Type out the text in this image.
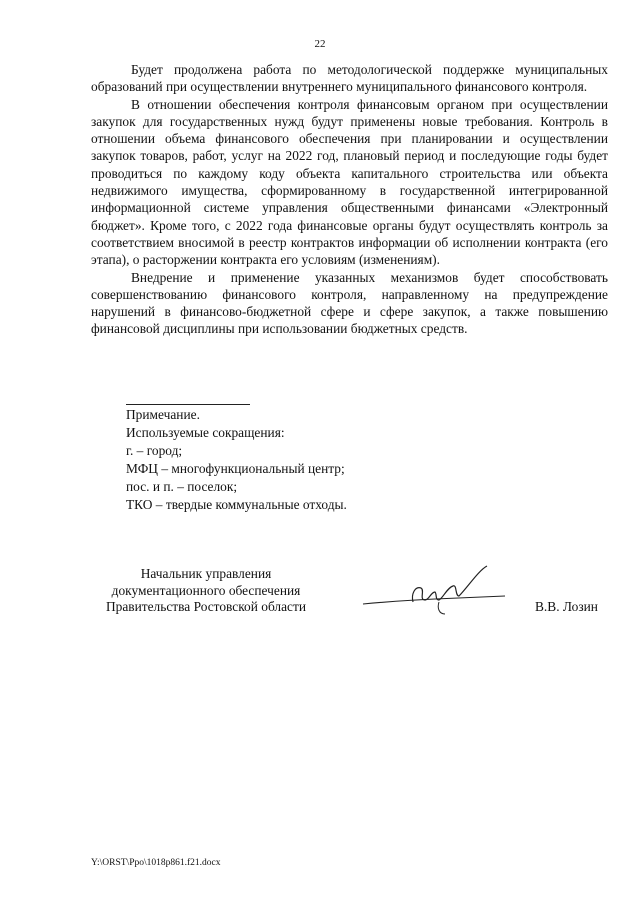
22

Будет продолжена работа по методологической поддержке муниципальных образований при осуществлении внутреннего муниципального финансового контроля.

В отношении обеспечения контроля финансовым органом при осуществлении закупок для государственных нужд будут применены новые требования. Контроль в отношении объема финансового обеспечения при планировании и осуществлении закупок товаров, работ, услуг на 2022 год, плановый период и последующие годы будет проводиться по каждому коду объекта капитального строительства или объекта недвижимого имущества, сформированному в государственной интегрированной информационной системе управления общественными финансами «Электронный бюджет». Кроме того, с 2022 года финансовые органы будут осуществлять контроль за соответствием вносимой в реестр контрактов информации об исполнении контракта (его этапа), о расторжении контракта его условиям (изменениям).

Внедрение и применение указанных механизмов будет способствовать совершенствованию финансового контроля, направленному на предупреждение нарушений в финансово-бюджетной сфере и сфере закупок, а также повышению финансовой дисциплины при использовании бюджетных средств.

Примечание.
Используемые сокращения:
г. – город;
МФЦ – многофункциональный центр;
пос. и п. – поселок;
ТКО – твердые коммунальные отходы.
Начальник управления
документационного обеспечения
Правительства Ростовской области	В.В. Лозин
Y:\ORST\Ppo\1018p861.f21.docx
